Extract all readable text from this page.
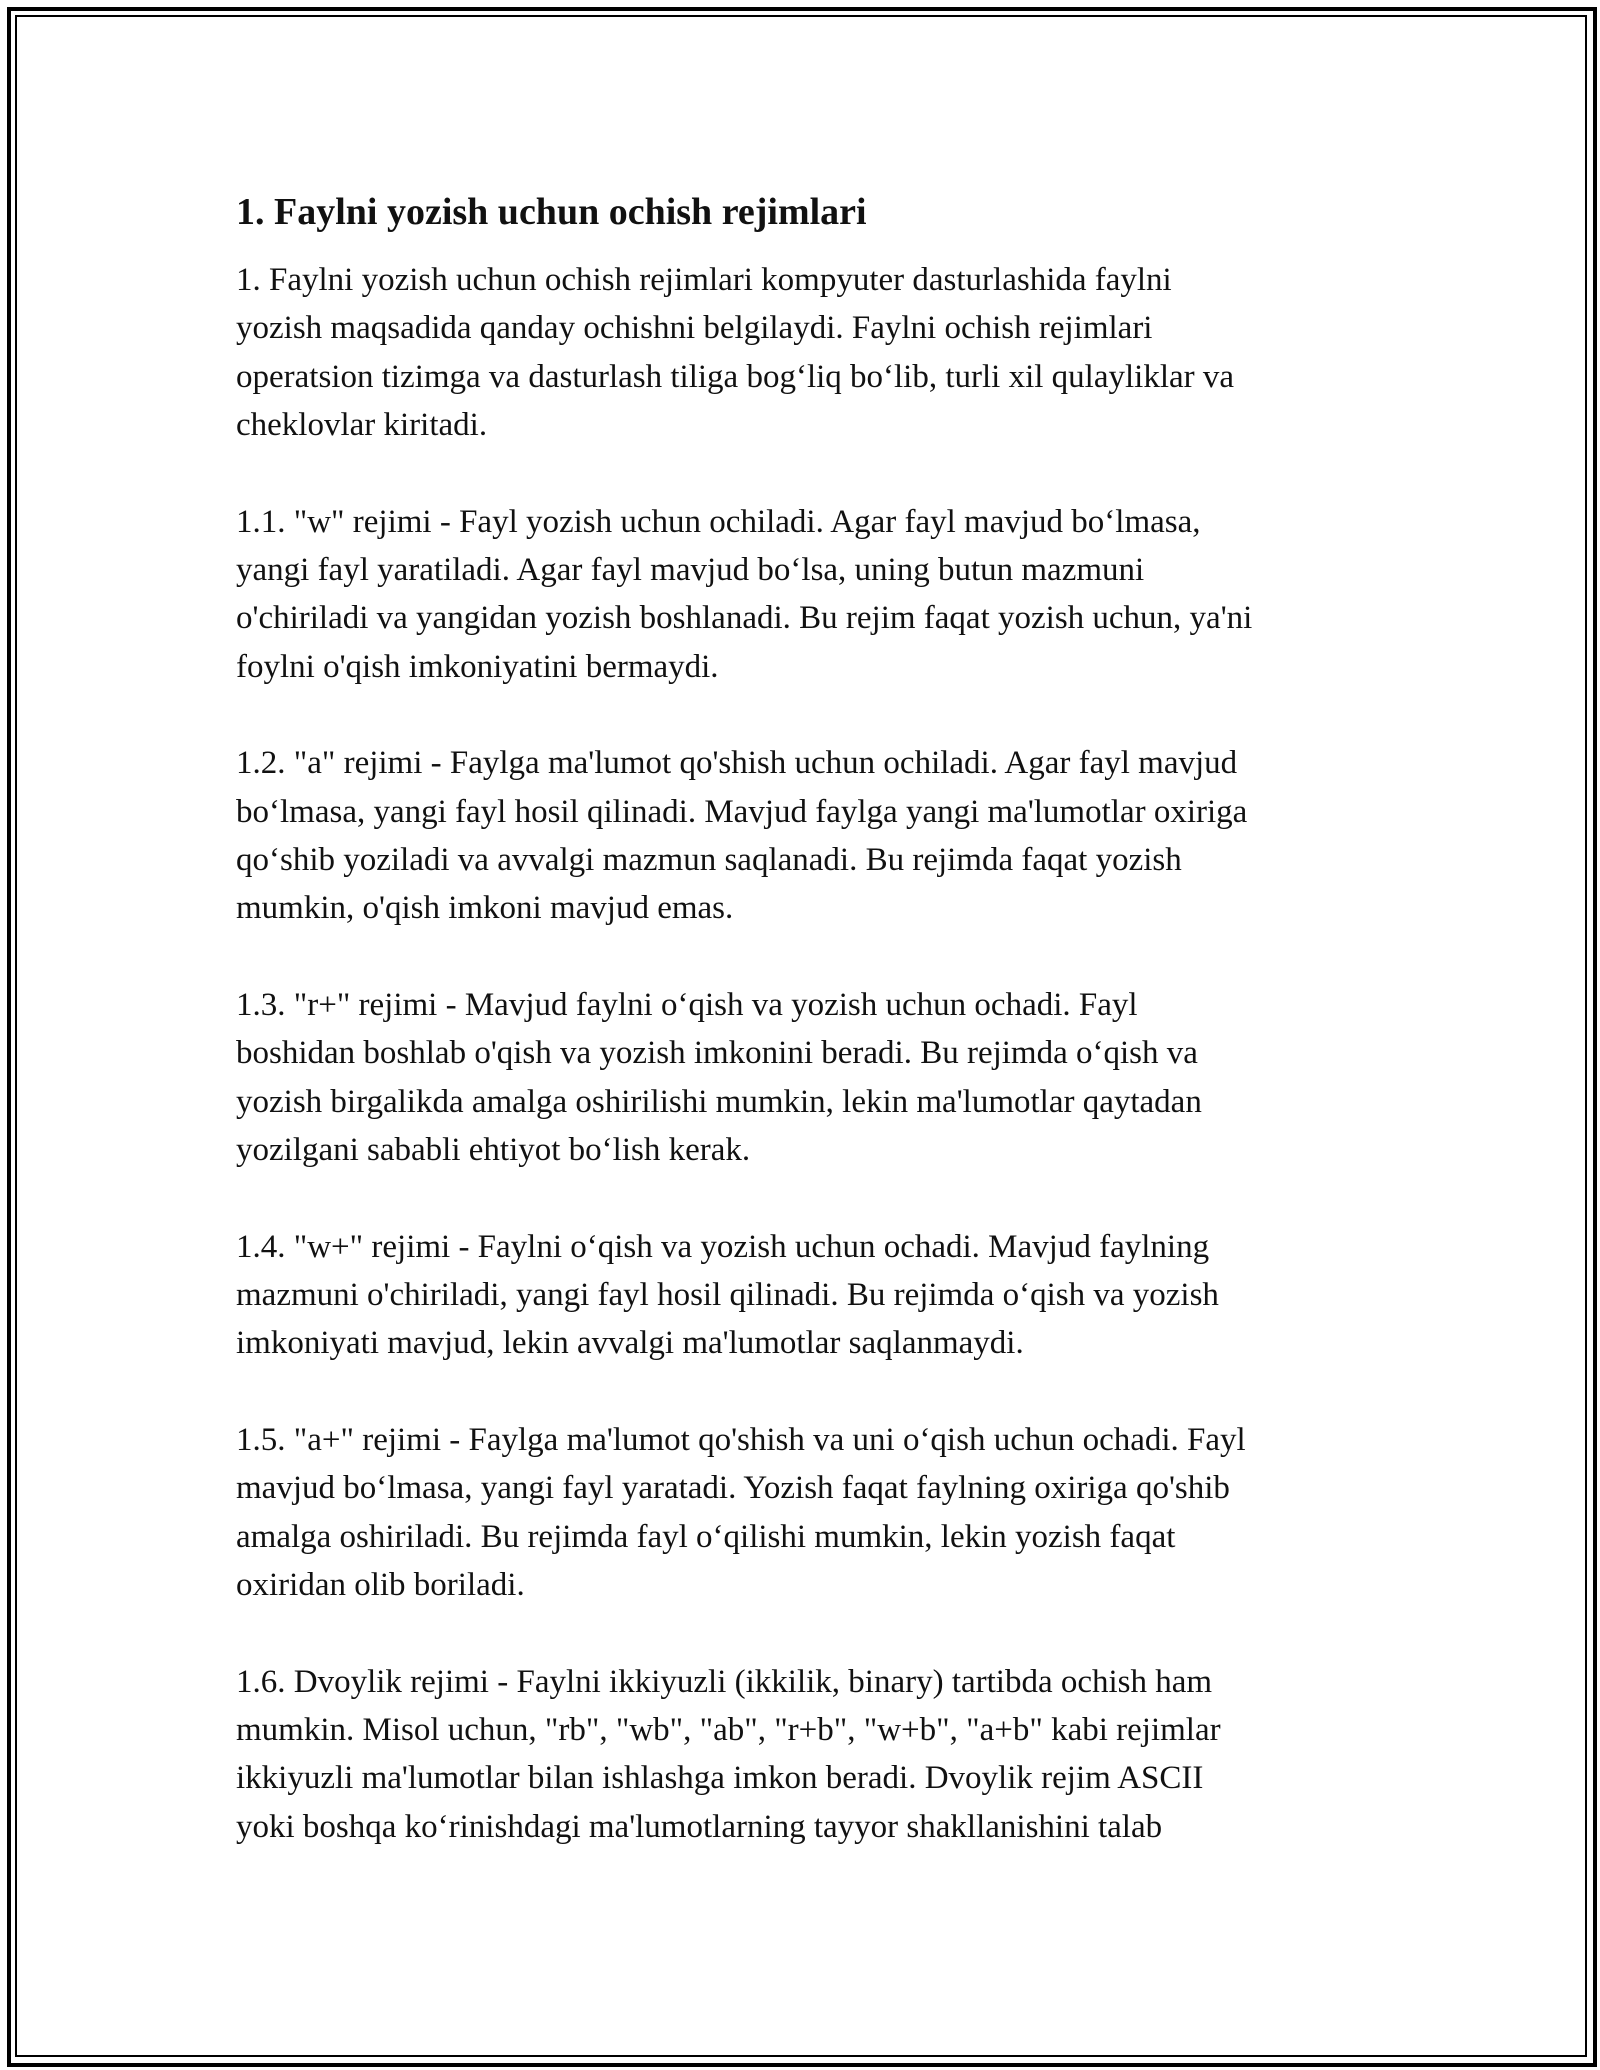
1. Faylni yozish uchun ochish rejimlari
1. Faylni yozish uchun ochish rejimlari kompyuter dasturlashida faylni
yozish maqsadida qanday ochishni belgilaydi. Faylni ochish rejimlari
operatsion tizimga va dasturlash tiliga bog‘liq bo‘lib, turli xil qulayliklar va
cheklovlar kiritadi.
1.1. "w" rejimi - Fayl yozish uchun ochiladi. Agar fayl mavjud bo‘lmasa,
yangi fayl yaratiladi. Agar fayl mavjud bo‘lsa, uning butun mazmuni
o'chiriladi va yangidan yozish boshlanadi. Bu rejim faqat yozish uchun, ya'ni
foylni o'qish imkoniyatini bermaydi.
1.2. "a" rejimi - Faylga ma'lumot qo'shish uchun ochiladi. Agar fayl mavjud
bo‘lmasa, yangi fayl hosil qilinadi. Mavjud faylga yangi ma'lumotlar oxiriga
qo‘shib yoziladi va avvalgi mazmun saqlanadi. Bu rejimda faqat yozish
mumkin, o'qish imkoni mavjud emas.
1.3. "r+" rejimi - Mavjud faylni o‘qish va yozish uchun ochadi. Fayl
boshidan boshlab o'qish va yozish imkonini beradi. Bu rejimda o‘qish va
yozish birgalikda amalga oshirilishi mumkin, lekin ma'lumotlar qaytadan
yozilgani sababli ehtiyot bo‘lish kerak.
1.4. "w+" rejimi - Faylni o‘qish va yozish uchun ochadi. Mavjud faylning
mazmuni o'chiriladi, yangi fayl hosil qilinadi. Bu rejimda o‘qish va yozish
imkoniyati mavjud, lekin avvalgi ma'lumotlar saqlanmaydi.
1.5. "a+" rejimi - Faylga ma'lumot qo'shish va uni o‘qish uchun ochadi. Fayl
mavjud bo‘lmasa, yangi fayl yaratadi. Yozish faqat faylning oxiriga qo'shib
amalga oshiriladi. Bu rejimda fayl o‘qilishi mumkin, lekin yozish faqat
oxiridan olib boriladi.
1.6. Dvoylik rejimi - Faylni ikkiyuzli (ikkilik, binary) tartibda ochish ham
mumkin. Misol uchun, "rb", "wb", "ab", "r+b", "w+b", "a+b" kabi rejimlar
ikkiyuzli ma'lumotlar bilan ishlashga imkon beradi. Dvoylik rejim ASCII
yoki boshqa ko‘rinishdagi ma'lumotlarning tayyor shakllanishini talab
